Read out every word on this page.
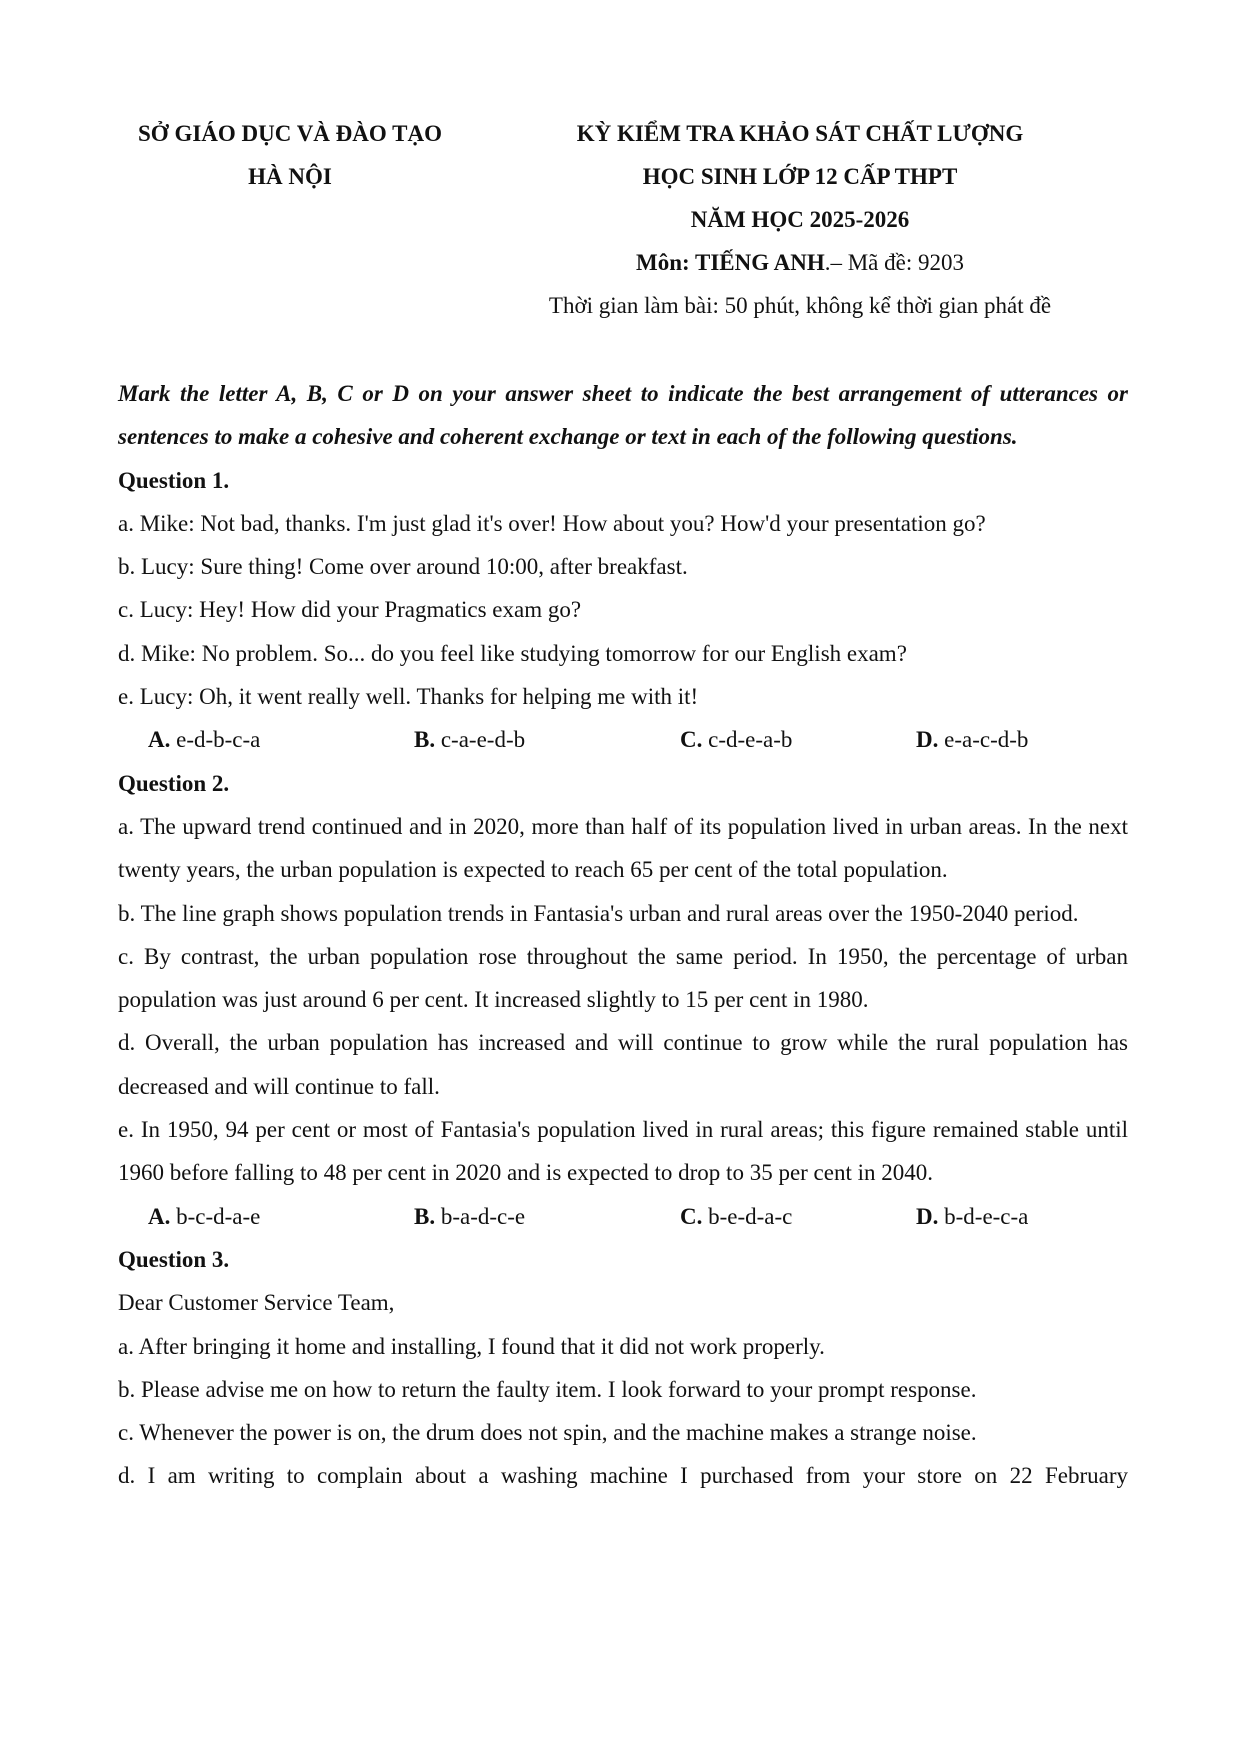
SỞ GIÁO DỤC VÀ ĐÀO TẠO
HÀ NỘI
KỲ KIỂM TRA KHẢO SÁT CHẤT LƯỢNG
HỌC SINH LỚP 12 CẤP THPT
NĂM HỌC 2025-2026
Môn: TIẾNG ANH.– Mã đề: 9203
Thời gian làm bài: 50 phút, không kể thời gian phát đề

Mark the letter A, B, C or D on your answer sheet to indicate the best arrangement of utterances or sentences to make a cohesive and coherent exchange or text in each of the following questions.

Question 1.

a. Mike: Not bad, thanks. I'm just glad it's over! How about you? How'd your presentation go?

b. Lucy: Sure thing! Come over around 10:00, after breakfast.

c. Lucy: Hey! How did your Pragmatics exam go?

d. Mike: No problem. So... do you feel like studying tomorrow for our English exam?

e. Lucy: Oh, it went really well. Thanks for helping me with it!

A. e-d-b-c-a	B. c-a-e-d-b	C. c-d-e-a-b	D. e-a-c-d-b

Question 2.

a. The upward trend continued and in 2020, more than half of its population lived in urban areas. In the next twenty years, the urban population is expected to reach 65 per cent of the total population.

b. The line graph shows population trends in Fantasia's urban and rural areas over the 1950-2040 period.

c. By contrast, the urban population rose throughout the same period. In 1950, the percentage of urban population was just around 6 per cent. It increased slightly to 15 per cent in 1980.

d. Overall, the urban population has increased and will continue to grow while the rural population has decreased and will continue to fall.

e. In 1950, 94 per cent or most of Fantasia's population lived in rural areas; this figure remained stable until 1960 before falling to 48 per cent in 2020 and is expected to drop to 35 per cent in 2040.

A. b-c-d-a-e	B. b-a-d-c-e	C. b-e-d-a-c	D. b-d-e-c-a

Question 3.

Dear Customer Service Team,

a. After bringing it home and installing, I found that it did not work properly.

b. Please advise me on how to return the faulty item. I look forward to your prompt response.

c. Whenever the power is on, the drum does not spin, and the machine makes a strange noise.

d. I am writing to complain about a washing machine I purchased from your store on 22 February
